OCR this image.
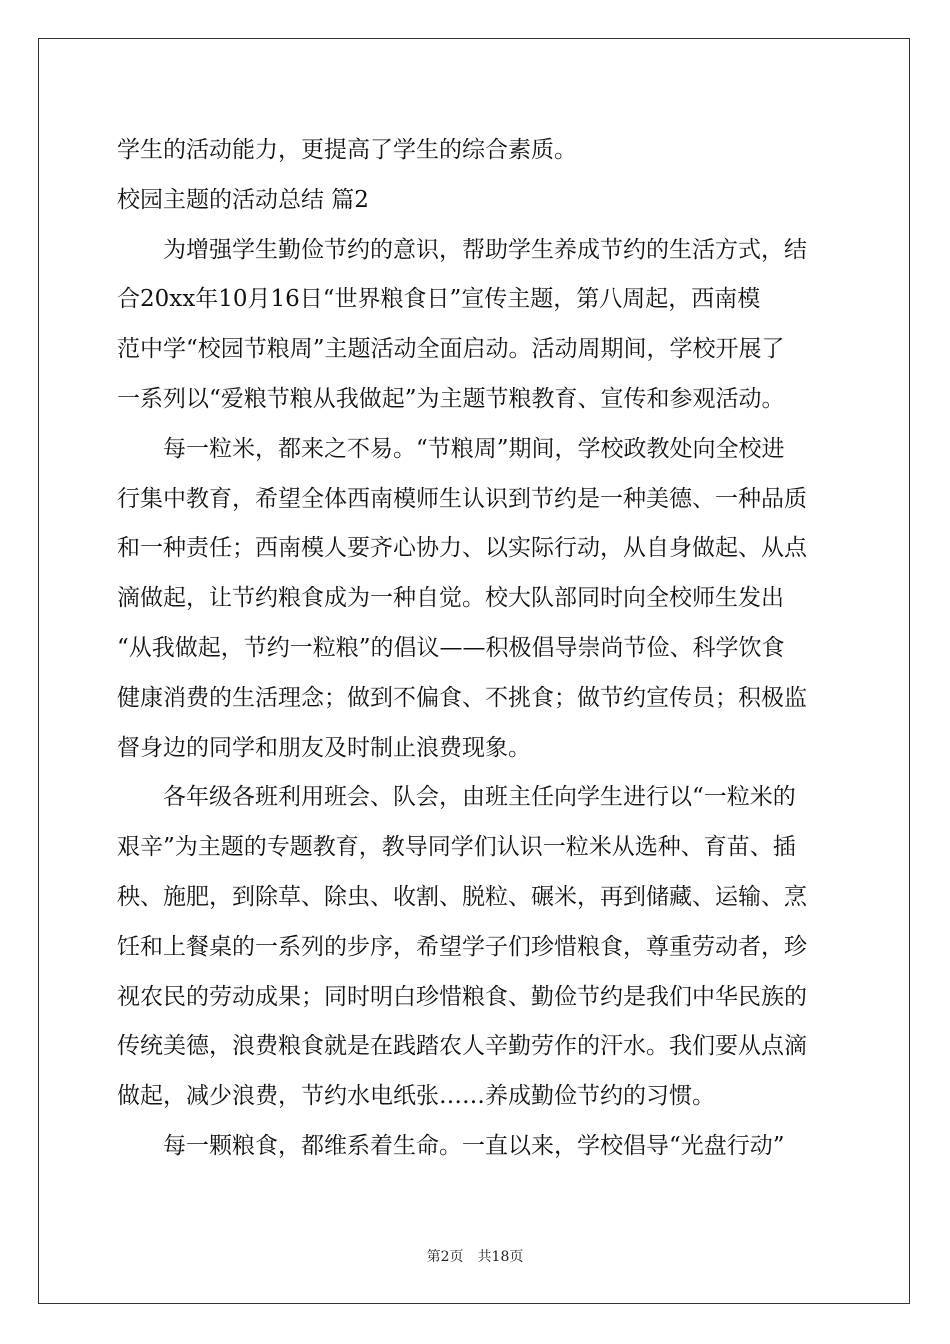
学生的活动能力，更提高了学生的综合素质。
校园主题的活动总结 篇2
　　为增强学生勤俭节约的意识，帮助学生养成节约的生活方式，结
合20xx年10月16日“世界粮食日”宣传主题，第八周起，西南模
范中学“校园节粮周”主题活动全面启动。活动周期间，学校开展了
一系列以“爱粮节粮从我做起”为主题节粮教育、宣传和参观活动。
　　每一粒米，都来之不易。“节粮周”期间，学校政教处向全校进
行集中教育，希望全体西南模师生认识到节约是一种美德、一种品质
和一种责任；西南模人要齐心协力、以实际行动，从自身做起、从点
滴做起，让节约粮食成为一种自觉。校大队部同时向全校师生发出
“从我做起，节约一粒粮”的倡议——积极倡导崇尚节俭、科学饮食
健康消费的生活理念；做到不偏食、不挑食；做节约宣传员；积极监
督身边的同学和朋友及时制止浪费现象。
　　各年级各班利用班会、队会，由班主任向学生进行以“一粒米的
艰辛”为主题的专题教育，教导同学们认识一粒米从选种、育苗、插
秧、施肥，到除草、除虫、收割、脱粒、碾米，再到储藏、运输、烹
饪和上餐桌的一系列的步序，希望学子们珍惜粮食，尊重劳动者，珍
视农民的劳动成果；同时明白珍惜粮食、勤俭节约是我们中华民族的
传统美德，浪费粮食就是在践踏农人辛勤劳作的汗水。我们要从点滴
做起，减少浪费，节约水电纸张……养成勤俭节约的习惯。
　　每一颗粮食，都维系着生命。一直以来，学校倡导“光盘行动”
第2页　共18页
